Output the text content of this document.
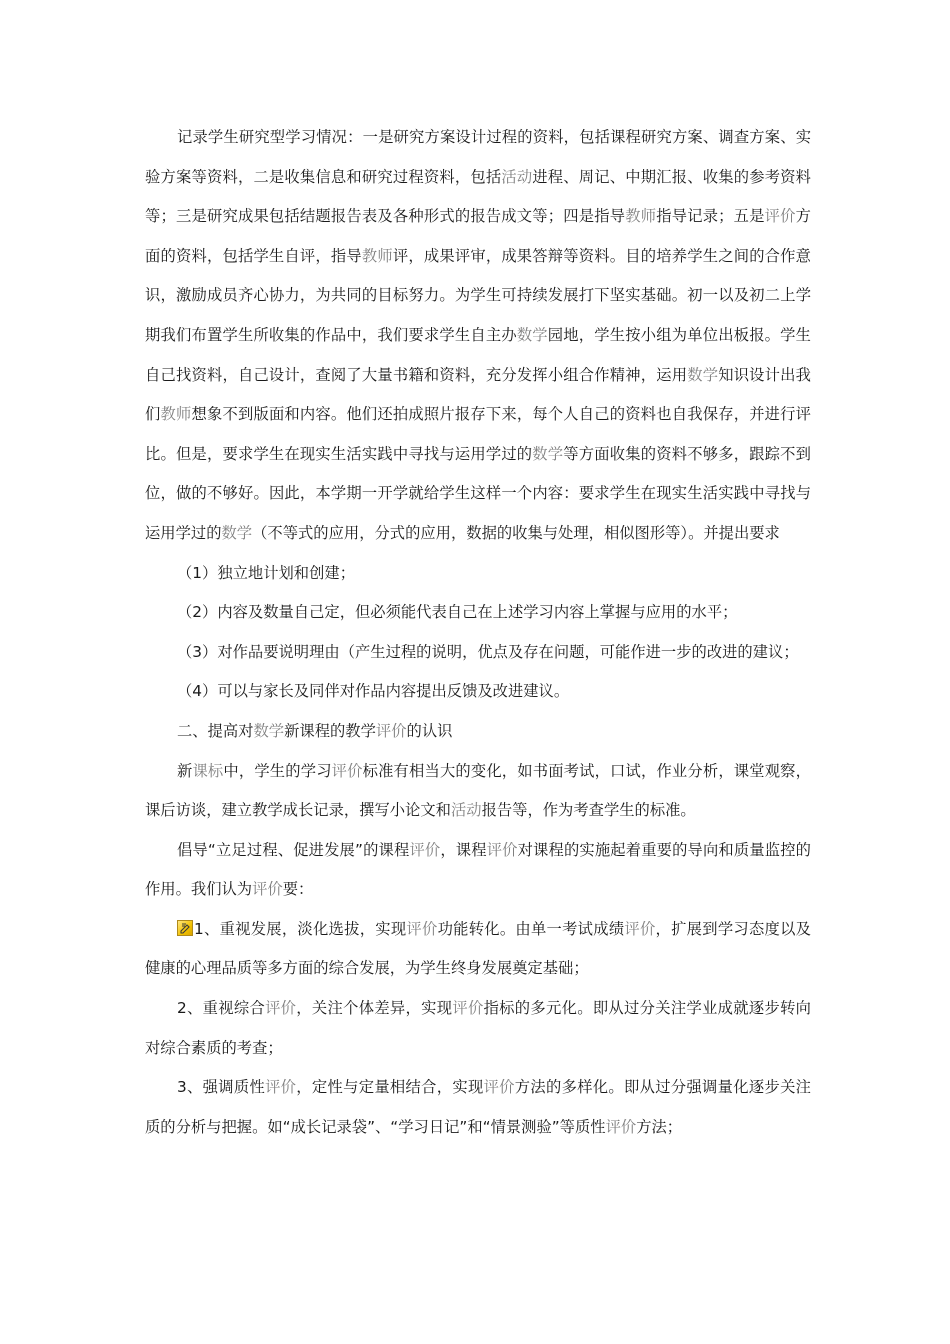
记录学生研究型学习情况：一是研究方案设计过程的资料，包括课程研究方案、调查方案、实验方案等资料，二是收集信息和研究过程资料，包括活动进程、周记、中期汇报、收集的参考资料等；三是研究成果包括结题报告表及各种形式的报告成文等；四是指导教师指导记录；五是评价方面的资料，包括学生自评，指导教师评，成果评审，成果答辩等资料。目的培养学生之间的合作意识，激励成员齐心协力，为共同的目标努力。为学生可持续发展打下坚实基础。初一以及初二上学期我们布置学生所收集的作品中，我们要求学生自主办数学园地，学生按小组为单位出板报。学生自己找资料，自己设计，查阅了大量书籍和资料，充分发挥小组合作精神，运用数学知识设计出我们教师想象不到版面和内容。他们还拍成照片报存下来，每个人自己的资料也自我保存，并进行评比。但是，要求学生在现实生活实践中寻找与运用学过的数学等方面收集的资料不够多，跟踪不到位，做的不够好。因此，本学期一开学就给学生这样一个内容：要求学生在现实生活实践中寻找与运用学过的数学（不等式的应用，分式的应用，数据的收集与处理，相似图形等）。并提出要求

（1）独立地计划和创建；

（2）内容及数量自己定，但必须能代表自己在上述学习内容上掌握与应用的水平；

（3）对作品要说明理由（产生过程的说明，优点及存在问题，可能作进一步的改进的建议；

（4）可以与家长及同伴对作品内容提出反馈及改进建议。

二、提高对数学新课程的教学评价的认识

新课标中，学生的学习评价标准有相当大的变化，如书面考试，口试，作业分析，课堂观察，课后访谈，建立教学成长记录，撰写小论文和活动报告等，作为考查学生的标准。

倡导“立足过程、促进发展”的课程评价，课程评价对课程的实施起着重要的导向和质量监控的作用。我们认为评价要：

1、重视发展，淡化选拔，实现评价功能转化。由单一考试成绩评价，扩展到学习态度以及健康的心理品质等多方面的综合发展，为学生终身发展奠定基础；

2、重视综合评价，关注个体差异，实现评价指标的多元化。即从过分关注学业成就逐步转向对综合素质的考查；

3、强调质性评价，定性与定量相结合，实现评价方法的多样化。即从过分强调量化逐步关注质的分析与把握。如“成长记录袋”、“学习日记”和“情景测验”等质性评价方法；
